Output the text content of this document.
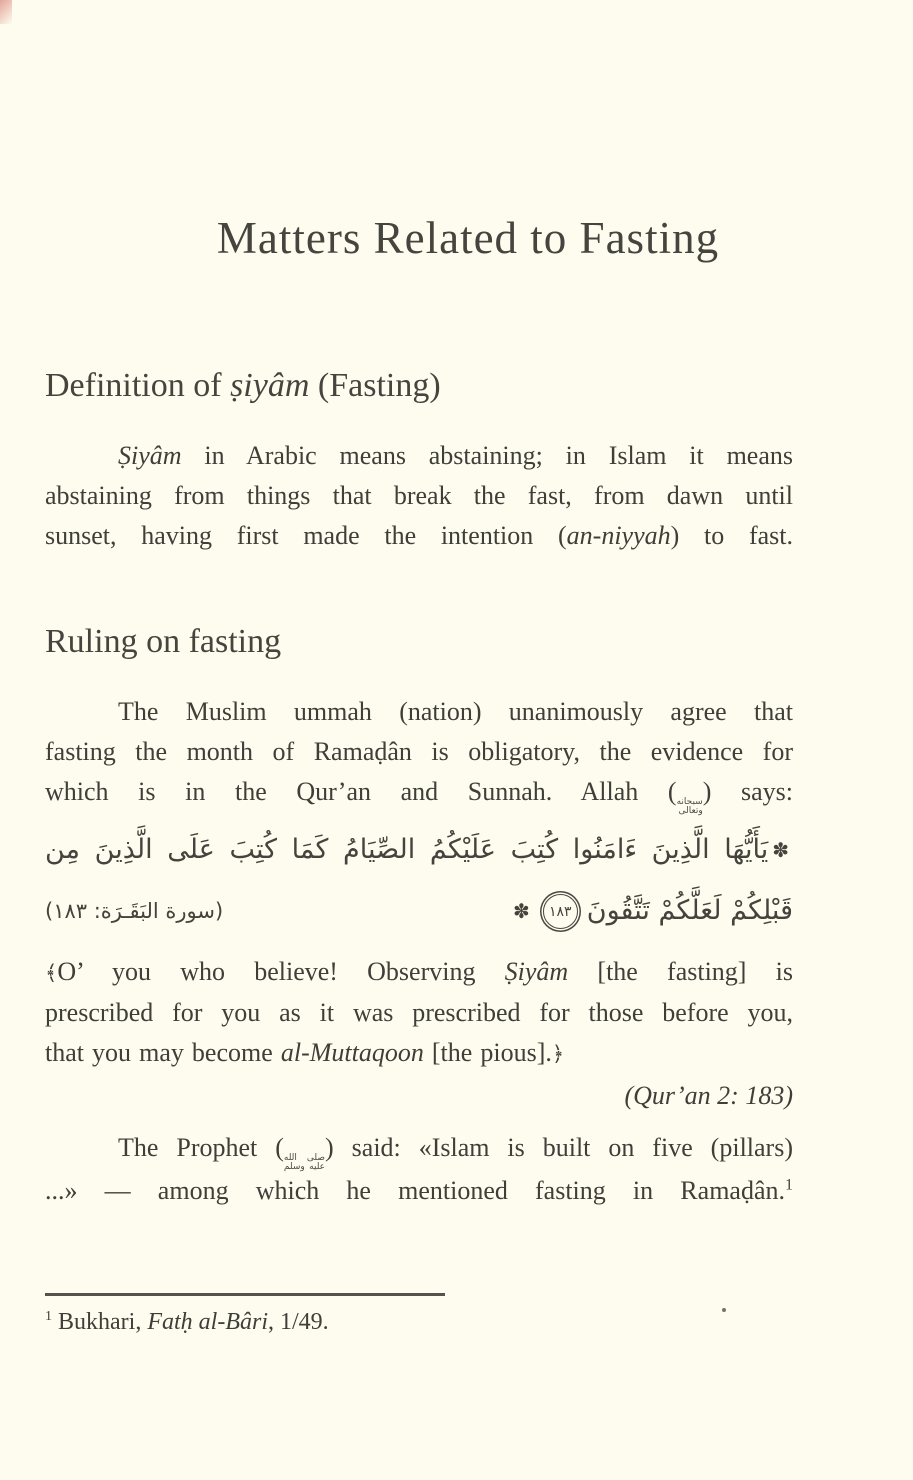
Matters Related to Fasting
Definition of ṣiyâm (Fasting)
Ṣiyâm in Arabic means abstaining; in Islam it means
abstaining from things that break the fast, from dawn until
sunset, having first made the intention (an-niyyah) to fast.
Ruling on fasting
The Muslim ummah (nation) unanimously agree that
fasting the month of Ramaḍân is obligatory, the evidence for
which is in the Qur’an and Sunnah. Allah ( سبحانه
وتعالى
) says:
✽يَأَيُّهَا الَّذِينَ ءَامَنُوا كُتِبَ عَلَيْكُمُ الصِّيَامُ كَمَا كُتِبَ عَلَى الَّذِينَ مِن
(سورة البَقَـرَة: ١٨٣)	قَبْلِكُمْ لَعَلَّكُمْ تَتَّقُونَ١٨٣✽
﴾O’ you who believe! Observing Ṣiyâm [the fasting] is
prescribed for you as it was prescribed for those before you,
that you may become al-Muttaqoon [the pious].﴿
(Qur’an 2: 183)
The Prophet ( صلى الله
عليه وسلم
) said: «Islam is built on five (pillars)
...» — among which he mentioned fasting in Ramaḍân.$^1$
$^1$ Bukhari, Fatḥ al-Bâri, 1/49.
